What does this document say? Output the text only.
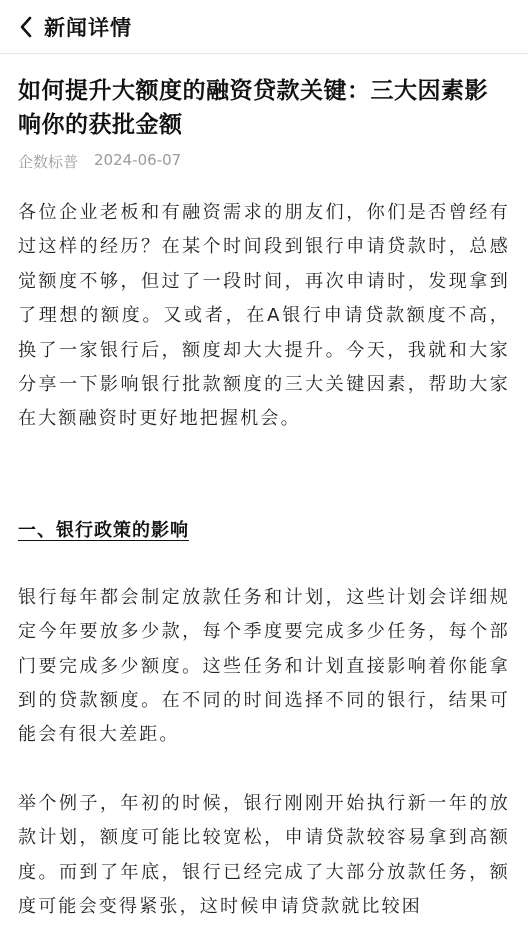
新闻详情
如何提升大额度的融资贷款关键：三大因素影响你的获批金额
企数标普 2024-06-07

各位企业老板和有融资需求的朋友们，你们是否曾经有过这样的经历？在某个时间段到银行申请贷款时，总感觉额度不够，但过了一段时间，再次申请时，发现拿到了理想的额度。又或者，在A银行申请贷款额度不高，换了一家银行后，额度却大大提升。今天，我就和大家分享一下影响银行批款额度的三大关键因素，帮助大家在大额融资时更好地把握机会。

一、银行政策的影响

银行每年都会制定放款任务和计划，这些计划会详细规定今年要放多少款，每个季度要完成多少任务，每个部门要完成多少额度。这些任务和计划直接影响着你能拿到的贷款额度。在不同的时间选择不同的银行，结果可能会有很大差距。

举个例子，年初的时候，银行刚刚开始执行新一年的放款计划，额度可能比较宽松，申请贷款较容易拿到高额度。而到了年底，银行已经完成了大部分放款任务，额度可能会变得紧张，这时候申请贷款就比较困
